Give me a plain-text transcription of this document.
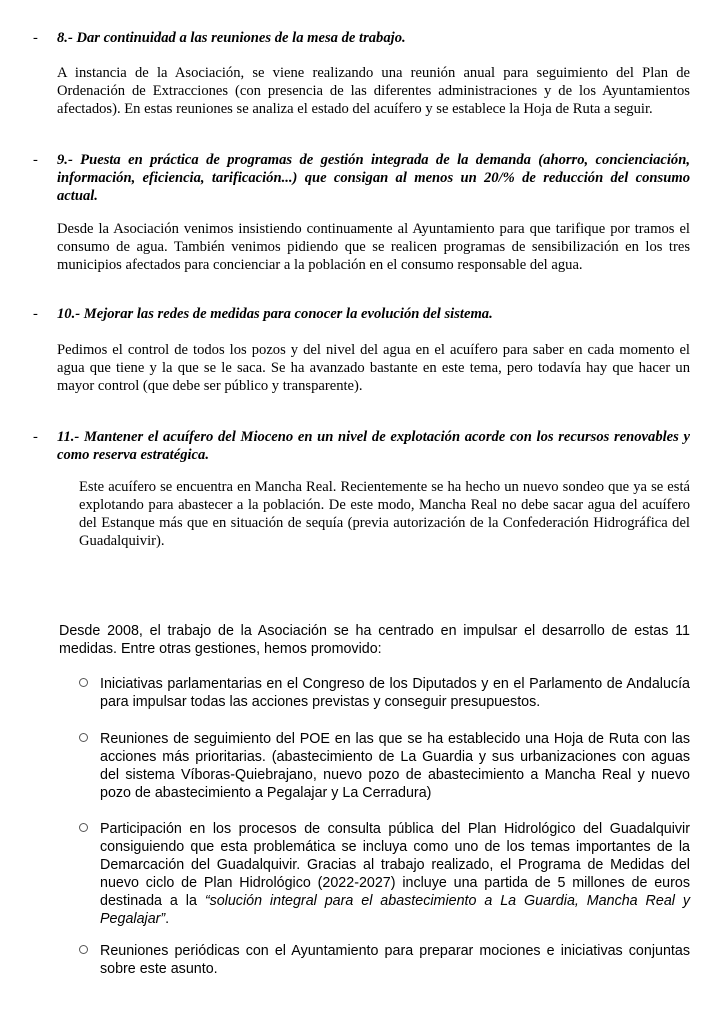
- 8.- Dar continuidad a las reuniones de la mesa de trabajo.
A instancia de la Asociación, se viene realizando una reunión anual para seguimiento del Plan de Ordenación de Extracciones (con presencia de las diferentes administraciones y de los Ayuntamientos afectados). En estas reuniones se analiza el estado del acuífero y se establece la Hoja de Ruta a seguir.
- 9.- Puesta en práctica de programas de gestión integrada de la demanda (ahorro, concienciación, información, eficiencia, tarificación...) que consigan al menos un 20/% de reducción del consumo actual.
Desde la Asociación venimos insistiendo continuamente al Ayuntamiento para que tarifique por tramos el consumo de agua. También venimos pidiendo que se realicen programas de sensibilización en los tres municipios afectados para concienciar a la población en el consumo responsable del agua.
- 10.- Mejorar las redes de medidas para conocer la evolución del sistema.
Pedimos el control de todos los pozos y del nivel del agua en el acuífero para saber en cada momento el agua que tiene y la que se le saca. Se ha avanzado bastante en este tema, pero todavía hay que hacer un mayor control (que debe ser público y transparente).
- 11.- Mantener el acuífero del Mioceno en un nivel de explotación acorde con los recursos renovables y como reserva estratégica.
Este acuífero se encuentra en Mancha Real. Recientemente se ha hecho un nuevo sondeo que ya se está explotando para abastecer a la población. De este modo, Mancha Real no debe sacar agua del acuífero del Estanque más que en situación de sequía (previa autorización de la Confederación Hidrográfica del Guadalquivir).
Desde 2008, el trabajo de la Asociación se ha centrado en impulsar el desarrollo de estas 11 medidas. Entre otras gestiones, hemos promovido:
Iniciativas parlamentarias en el Congreso de los Diputados y en el Parlamento de Andalucía para impulsar todas las acciones previstas y conseguir presupuestos.
Reuniones de seguimiento del POE en las que se ha establecido una Hoja de Ruta con las acciones más prioritarias. (abastecimiento de La Guardia y sus urbanizaciones con aguas del sistema Víboras-Quiebrajano, nuevo pozo de abastecimiento a Mancha Real y nuevo pozo de abastecimiento a Pegalajar y La Cerradura)
Participación en los procesos de consulta pública del Plan Hidrológico del Guadalquivir consiguiendo que esta problemática se incluya como uno de los temas importantes de la Demarcación del Guadalquivir. Gracias al trabajo realizado, el Programa de Medidas del nuevo ciclo de Plan Hidrológico (2022-2027) incluye una partida de 5 millones de euros destinada a la “solución integral para el abastecimiento a La Guardia, Mancha Real y Pegalajar”.
Reuniones periódicas con el Ayuntamiento para preparar mociones e iniciativas conjuntas sobre este asunto.
